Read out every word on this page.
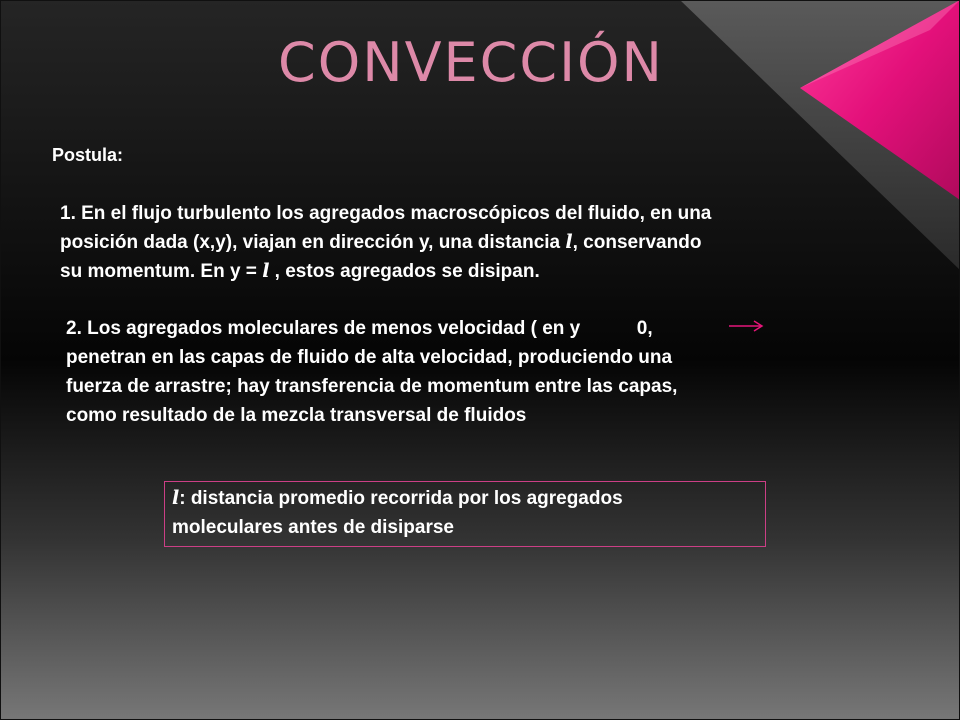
CONVECCIÓN
Postula:
1. En el flujo turbulento los agregados macroscópicos del fluido, en una
posición dada (x,y), viajan en dirección y, una distancia l, conservando
su momentum. En y = l , estos agregados se disipan.
2. Los agregados moleculares de menos velocidad ( en y  0,
penetran en las capas de fluido de alta velocidad, produciendo una
fuerza de arrastre; hay transferencia de momentum entre las capas,
como resultado de la mezcla transversal de fluidos
l: distancia promedio recorrida por los agregados
moleculares antes de disiparse
